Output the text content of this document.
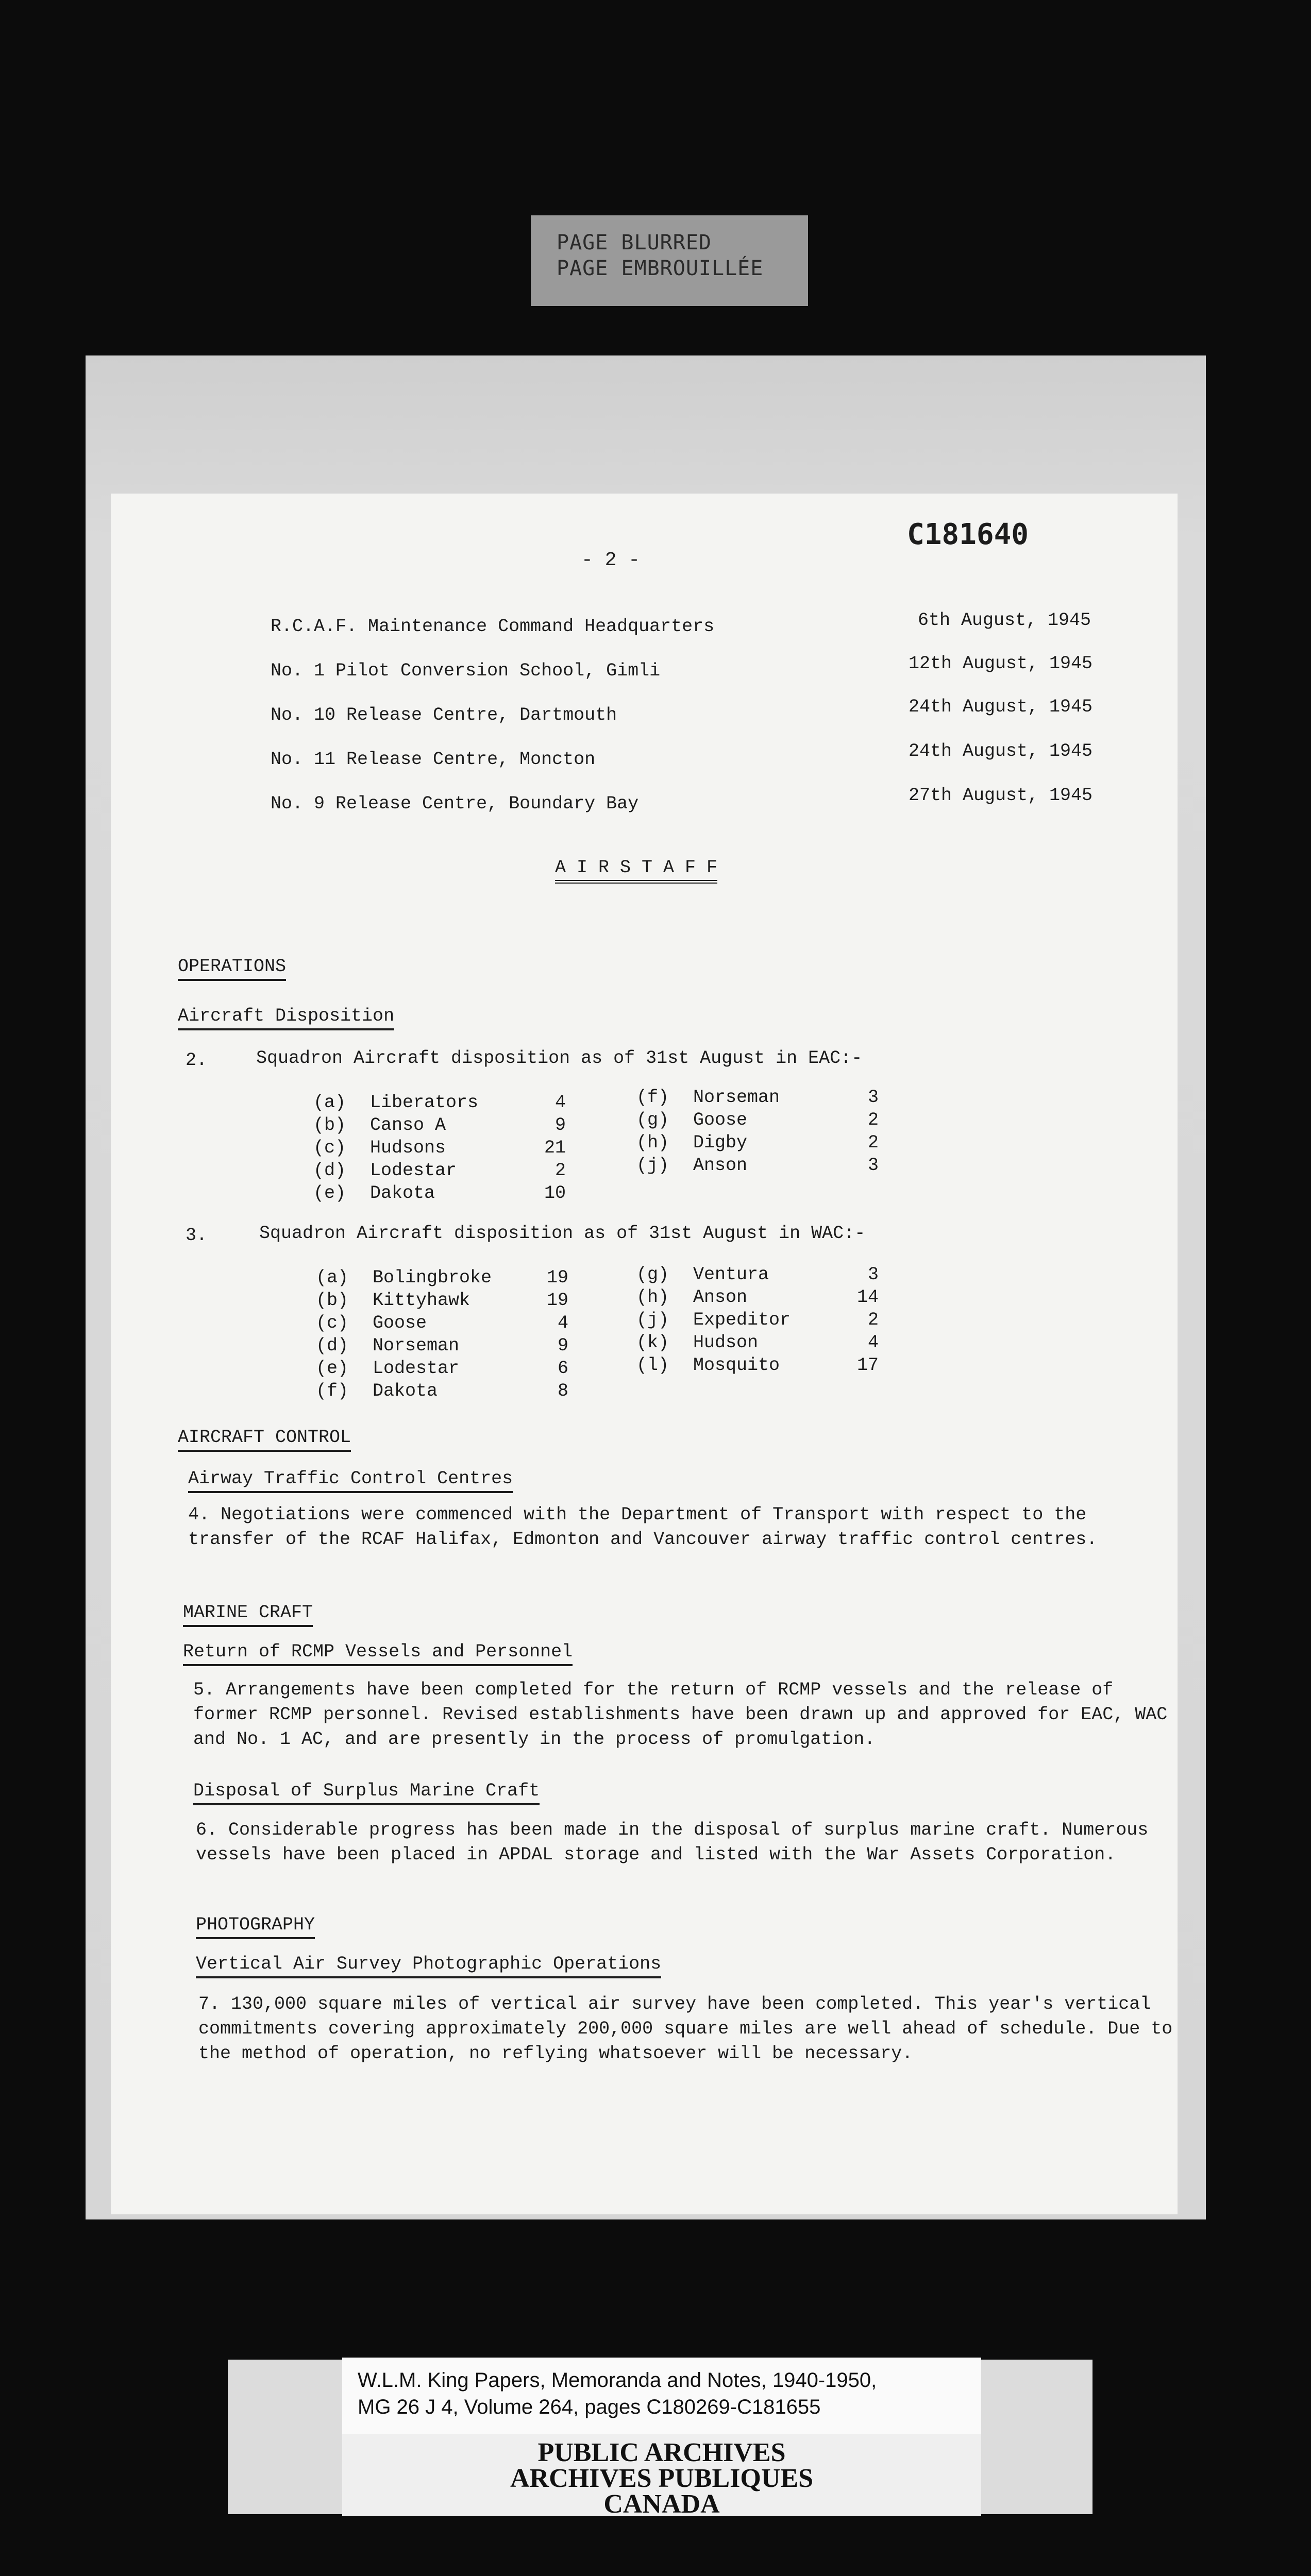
PAGE BLURRED
PAGE EMBROUILLÉE
- 2 -
C181640
R.C.A.F. Maintenance Command Headquarters	6th August, 1945
No. 1 Pilot Conversion School, Gimli	12th August, 1945
No. 10 Release Centre, Dartmouth	24th August, 1945
No. 11 Release Centre, Moncton	24th August, 1945
No. 9 Release Centre, Boundary Bay	27th August, 1945
A I R S T A F F
OPERATIONS
Aircraft Disposition
2.	Squadron Aircraft disposition as of 31st August in EAC:-
(a) Liberators	4
(b) Canso A	9
(c) Hudsons	21
(d) Lodestar	2
(e) Dakota	10
(f) Norseman	3
(g) Goose	2
(h) Digby	2
(j) Anson	3
3.	Squadron Aircraft disposition as of 31st August in WAC:-
(a) Bolingbroke	19
(b) Kittyhawk	19
(c) Goose	4
(d) Norseman	9
(e) Lodestar	6
(f) Dakota	8
(g) Ventura	3
(h) Anson	14
(j) Expeditor	2
(k) Hudson	4
(l) Mosquito	17
AIRCRAFT CONTROL
Airway Traffic Control Centres
4. Negotiations were commenced with the Department of Transport with respect to the transfer of the RCAF Halifax, Edmonton and Vancouver airway traffic control centres.
MARINE CRAFT
Return of RCMP Vessels and Personnel
5. Arrangements have been completed for the return of RCMP vessels and the release of former RCMP personnel. Revised establishments have been drawn up and approved for EAC, WAC and No. 1 AC, and are presently in the process of promulgation.
Disposal of Surplus Marine Craft
6. Considerable progress has been made in the disposal of surplus marine craft. Numerous vessels have been placed in APDAL storage and listed with the War Assets Corporation.
PHOTOGRAPHY
Vertical Air Survey Photographic Operations
7. 130,000 square miles of vertical air survey have been completed. This year's vertical commitments covering approximately 200,000 square miles are well ahead of schedule. Due to the method of operation, no reflying whatsoever will be necessary.
W.L.M. King Papers, Memoranda and Notes, 1940-1950,
MG 26 J 4, Volume 264, pages C180269-C181655
PUBLIC ARCHIVES
ARCHIVES PUBLIQUES
CANADA
